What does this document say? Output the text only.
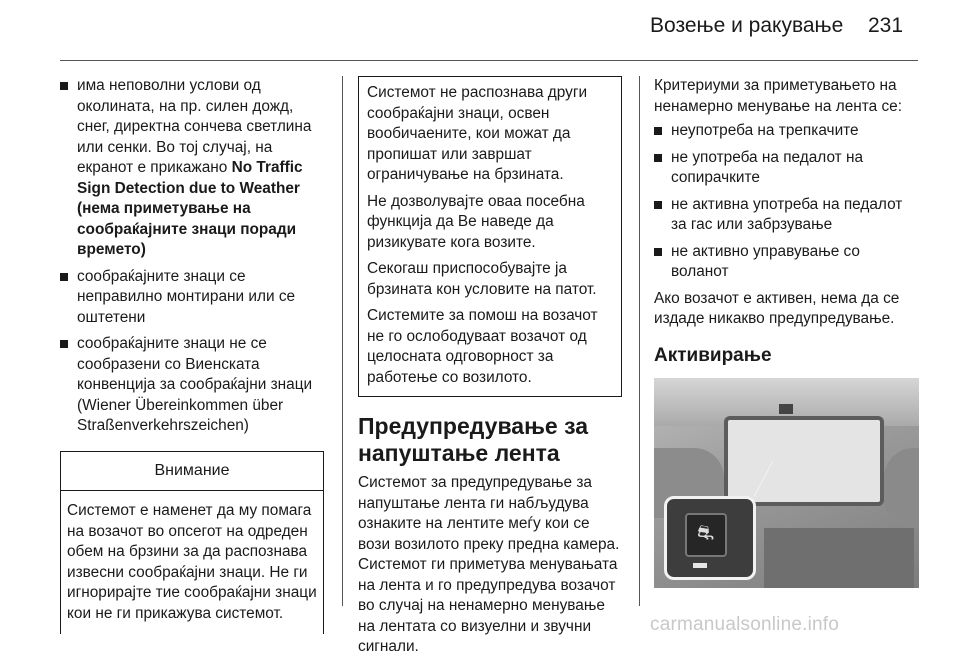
Возење и ракување 231
има неповолни услови од околината, на пр. силен дожд, снег, директна сончева светлина или сенки. Во тој случај, на екранот е прикажано No Traffic Sign Detection due to Weather (нема приметување на сообраќајните знаци поради времето)
сообраќајните знаци се неправилно монтирани или се оштетени
сообраќајните знаци не се сообразени со Виенската конвенција за сообраќајни знаци (Wiener Übereinkommen über Straßenverkehrszeichen)
Внимание
Системот е наменет да му помага на возачот во опсегот на одреден обем на брзини за да распознава извесни сообраќајни знаци. Не ги игнорирајте тие сообраќајни знаци кои не ги прикажува системот.

Системот не распознава други сообраќајни знаци, освен вообичаените, кои можат да пропишат или завршат ограничување на брзината.

Не дозволувајте оваа посебна функција да Ве наведе да ризикувате кога возите.

Секогаш приспособувајте ја брзината кон условите на патот.

Системите за помош на возачот не го ослободуваат возачот од целосната одговорност за работење со возилото.

Предупредување за напуштање лента

Системот за предупредување за напуштање лента ги набљудува ознаките на лентите меѓу кои се вози возилото преку предна камера. Системот ги приметува менувањата на лента и го предупредува возачот во случај на ненамерно менување на лентата со визуелни и звучни сигнали.

Критериуми за приметувањето на ненамерно менување на лента се:

неупотреба на трепкачите
не употреба на педалот на сопирачките
не активна употреба на педалот за гас или забрзување
не активно управување со воланот

Ако возачот е активен, нема да се издаде никакво предупредување.

Активирање
⛐
carmanualsonline.info
